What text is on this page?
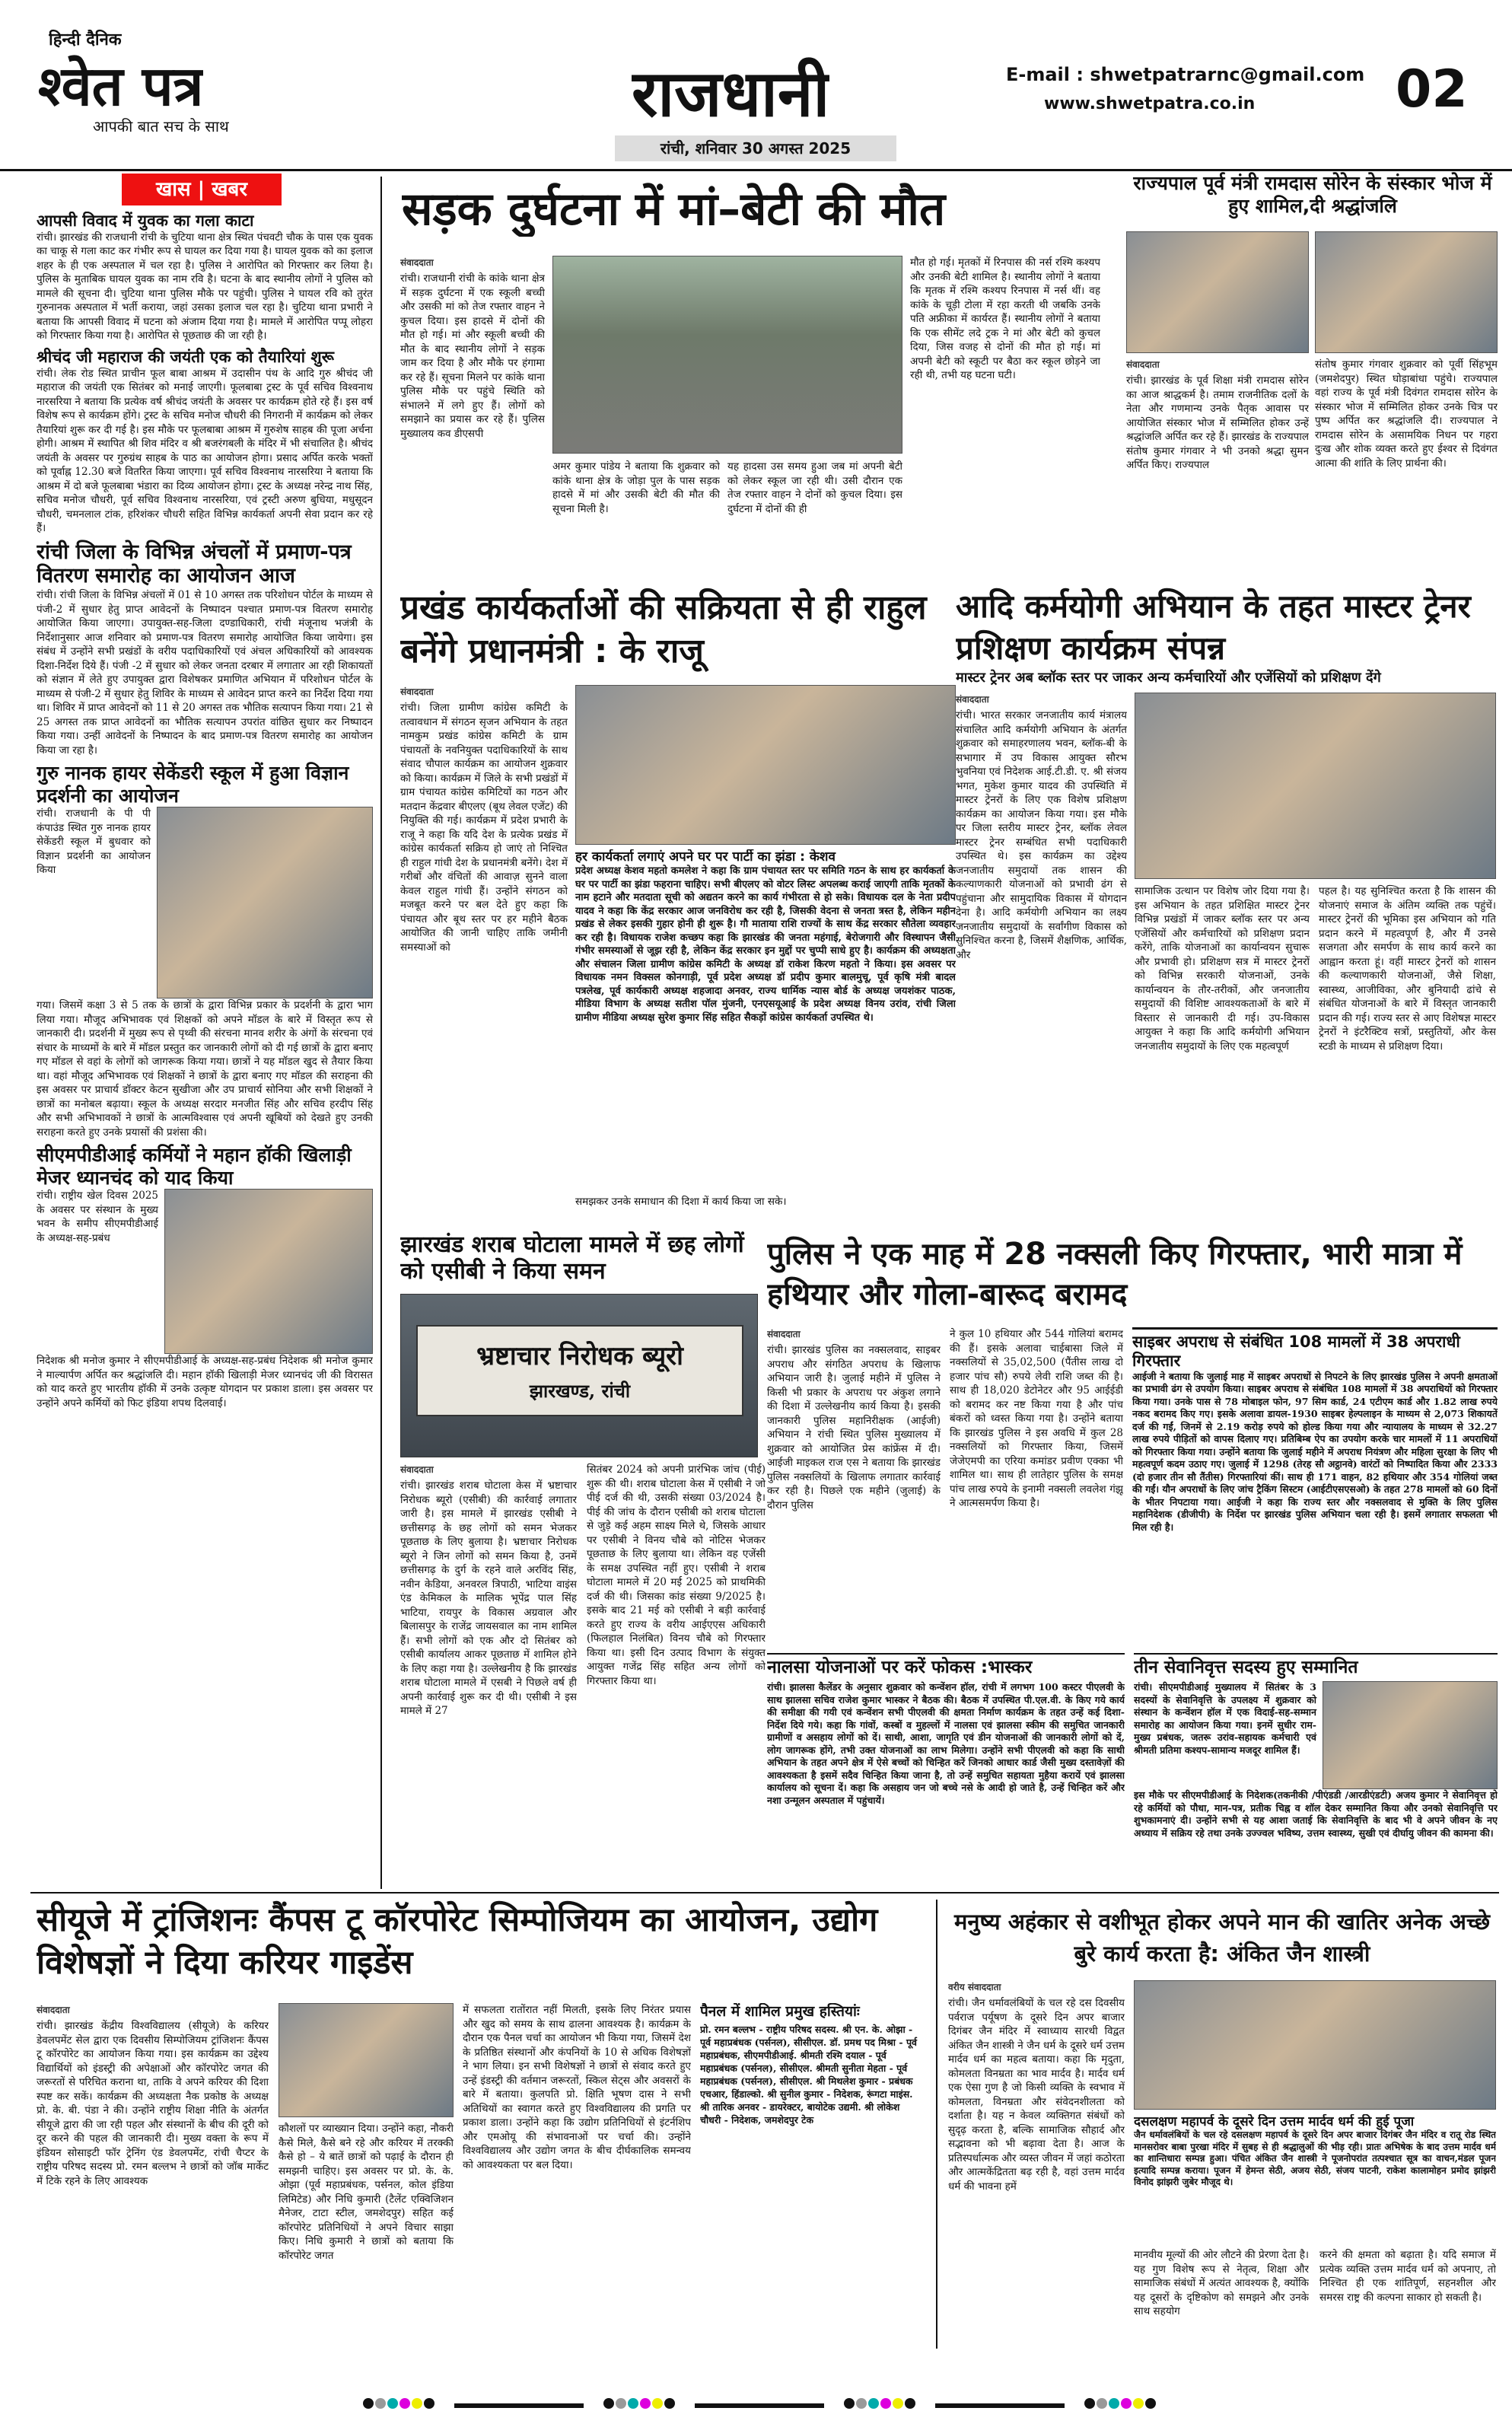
हिन्दी दैनिक
श्वेत पत्र
आपकी बात सच के साथ	राजधानी
रांची, शनिवार 30 अगस्त 2025
E-mail : shwetpatrarnc@gmail.com
www.shwetpatra.co.in	02
खास | खबर
आपसी विवाद में युवक का गला काटा

रांची। झारखंड की राजधानी रांची के चुटिया थाना क्षेत्र स्थित पंचवटी चौक के पास एक युवक का चाकू से गला काट कर गंभीर रूप से घायल कर दिया गया है। घायल युवक को का इलाज शहर के ही एक अस्पताल में चल रहा है। पुलिस ने आरोपित को गिरफ्तार कर लिया है। पुलिस के मुताबिक घायल युवक का नाम रवि है। घटना के बाद स्थानीय लोगों ने पुलिस को मामले की सूचना दी। चुटिया थाना पुलिस मौके पर पहुंची। पुलिस ने घायल रवि को तुरंत गुरुनानक अस्पताल में भर्ती कराया, जहां उसका इलाज चल रहा है। चुटिया थाना प्रभारी ने बताया कि आपसी विवाद में घटना को अंजाम दिया गया है। मामले में आरोपित पप्पू लोहरा को गिरफ्तार किया गया है। आरोपित से पूछताछ की जा रही है।

श्रीचंद जी महाराज की जयंती एक को तैयारियां शुरू

रांची। लेक रोड स्थित प्राचीन फूल बाबा आश्रम में उदासीन पंथ के आदि गुरु श्रीचंद जी महाराज की जयंती एक सितंबर को मनाई जाएगी। फूलबाबा ट्रस्ट के पूर्व सचिव विश्वनाथ नारसरिया ने बताया कि प्रत्येक वर्ष श्रीचंद जयंती के अवसर पर कार्यक्रम होते रहे हैं। इस वर्ष विशेष रूप से कार्यक्रम होंगे। ट्रस्ट के सचिव मनोज चौधरी की निगरानी में कार्यक्रम को लेकर तैयारियां शुरू कर दी गई है। इस मौके पर फूलबाबा आश्रम में गुरुशेष साहब की पूजा अर्चना होगी। आश्रम में स्थापित श्री शिव मंदिर व श्री बजरंगबली के मंदिर में भी संचालित है। श्रीचंद जयंती के अवसर पर गुरुग्रंथ साहब के पाठ का आयोजन होगा। प्रसाद अर्पित करके भक्तों को पूर्वाह्न 12.30 बजे वितरित किया जाएगा। पूर्व सचिव विश्वनाथ नारसरिया ने बताया कि आश्रम में दो बजे फूलबाबा भंडारा का दिव्य आयोजन होगा। ट्रस्ट के अध्यक्ष नरेन्द्र नाथ सिंह, सचिव मनोज चौधरी, पूर्व सचिव विश्वनाथ नारसरिया, एवं ट्रस्टी अरुण बुधिया, मधुसूदन चौधरी, चमनलाल टांक, हरिशंकर चौधरी सहित विभिन्न कार्यकर्ता अपनी सेवा प्रदान कर रहे हैं।

रांची जिला के विभिन्न अंचलों में प्रमाण-पत्र वितरण समारोह का आयोजन आज

रांची। रांची जिला के विभिन्न अंचलों में 01 से 10 अगस्त तक परिशोधन पोर्टल के माध्यम से पंजी-2 में सुधार हेतु प्राप्त आवेदनों के निष्पादन पश्चात प्रमाण-पत्र वितरण समारोह आयोजित किया जाएगा। उपायुक्त-सह-जिला दण्डाधिकारी, रांची मंजूनाथ भजंत्री के निर्देशानुसार आज शनिवार को प्रमाण-पत्र वितरण समारोह आयोजित किया जायेगा। इस संबंध में उन्होंने सभी प्रखंडों के वरीय पदाधिकारियों एवं अंचल अधिकारियों को आवश्यक दिशा-निर्देश दिये हैं। पंजी -2 में सुधार को लेकर जनता दरबार में लगातार आ रही शिकायतों को संज्ञान में लेते हुए उपायुक्त द्वारा विशेषकर प्रमाणित अभियान में परिशोधन पोर्टल के माध्यम से पंजी-2 में सुधार हेतु शिविर के माध्यम से आवेदन प्राप्त करने का निर्देश दिया गया था। शिविर में प्राप्त आवेदनों को 11 से 20 अगस्त तक भौतिक सत्यापन किया गया। 21 से 25 अगस्त तक प्राप्त आवेदनों का भौतिक सत्यापन उपरांत वांछित सुधार कर निष्पादन किया गया। उन्हीं आवेदनों के निष्पादन के बाद प्रमाण-पत्र वितरण समारोह का आयोजन किया जा रहा है।

गुरु नानक हायर सेकेंडरी स्कूल में हुआ विज्ञान प्रदर्शनी का आयोजन

रांची। राजधानी के पी पी कंपाउंड स्थित गुरु नानक हायर सेकेंडरी स्कूल में बुधवार को विज्ञान प्रदर्शनी का आयोजन किया

गया। जिसमें कक्षा 3 से 5 तक के छात्रों के द्वारा विभिन्न प्रकार के प्रदर्शनी के द्वारा भाग लिया गया। मौजूद अभिभावक एवं शिक्षकों को अपने मॉडल के बारे में विस्तृत रूप से जानकारी दी। प्रदर्शनी में मुख्य रूप से पृथ्वी की संरचना मानव शरीर के अंगों के संरचना एवं संचार के माध्यमों के बारे में मॉडल प्रस्तुत कर जानकारी लोगों को दी गई छात्रों के द्वारा बनाए गए मॉडल से वहां के लोगों को जागरूक किया गया। छात्रों ने यह मॉडल खुद से तैयार किया था। वहां मौजूद अभिभावक एवं शिक्षकों ने छात्रों के द्वारा बनाए गए मॉडल की सराहना की इस अवसर पर प्राचार्य डॉक्टर केटन सुखीजा और उप प्राचार्य सोनिया और सभी शिक्षकों ने छात्रों का मनोबल बढ़ाया। स्कूल के अध्यक्ष सरदार मनजीत सिंह और सचिव हरदीप सिंह और सभी अभिभावकों ने छात्रों के आत्मविश्वास एवं अपनी खूबियों को देखते हुए उनकी सराहना करते हुए उनके प्रयासों की प्रशंसा की।

सीएमपीडीआई कर्मियों ने महान हॉकी खिलाड़ी मेजर ध्यानचंद को याद किया

रांची। राष्ट्रीय खेल दिवस 2025 के अवसर पर संस्थान के मुख्य भवन के समीप सीएमपीडीआई के अध्यक्ष-सह-प्रबंध

निदेशक श्री मनोज कुमार ने सीएमपीडीआई के अध्यक्ष-सह-प्रबंध निदेशक श्री मनोज कुमार ने माल्यार्पण अर्पित कर श्रद्धांजलि दी। महान हॉकी खिलाड़ी मेजर ध्यानचंद जी की विरासत को याद करते हुए भारतीय हॉकी में उनके उत्कृष्ट योगदान पर प्रकाश डाला। इस अवसर पर उन्होंने अपने कर्मियों को फिट इंडिया शपथ दिलवाई।

सड़क दुर्घटना में मां–बेटी की मौत
संवाददाता

रांची। राजधानी रांची के कांके थाना क्षेत्र में सड़क दुर्घटना में एक स्कूली बच्ची और उसकी मां को तेज रफ्तार वाहन ने कुचल दिया। इस हादसे में दोनों की मौत हो गई। मां और स्कूली बच्ची की मौत के बाद स्थानीय लोगों ने सड़क जाम कर दिया है और मौके पर हंगामा कर रहे हैं। सूचना मिलने पर कांके थाना पुलिस मौके पर पहुंचे स्थिति को संभालने में लगे हुए हैं। लोगों को समझाने का प्रयास कर रहे हैं। पुलिस मुख्यालय कव डीएसपी

अमर कुमार पांडेय ने बताया कि शुक्रवार को कांके थाना क्षेत्र के जोड़ा पुल के पास सड़क हादसे में मां और उसकी बेटी की मौत की सूचना मिली है।

यह हादसा उस समय हुआ जब मां अपनी बेटी को लेकर स्कूल जा रही थी। उसी दौरान एक तेज रफ्तार वाहन ने दोनों को कुचल दिया। इस दुर्घटना में दोनों की ही

मौत हो गई। मृतकों में रिनपास की नर्स रश्मि कश्यप और उनकी बेटी शामिल है। स्थानीय लोगों ने बताया कि मृतक में रश्मि कश्यप रिनपास में नर्स थीं। वह कांके के चूड़ी टोला में रहा करती थी जबकि उनके पति अफ्रीका में कार्यरत हैं। स्थानीय लोगों ने बताया कि एक सीमेंट लदे ट्रक ने मां और बेटी को कुचल दिया, जिस वजह से दोनों की मौत हो गई। मां अपनी बेटी को स्कूटी पर बैठा कर स्कूल छोड़ने जा रही थी, तभी यह घटना घटी।

राज्यपाल पूर्व मंत्री रामदास सोरेन के संस्कार भोज में हुए शामिल,दी श्रद्धांजलि
संवाददाता

रांची। झारखंड के पूर्व शिक्षा मंत्री रामदास सोरेन का आज श्राद्धकर्म है। तमाम राजनीतिक दलों के नेता और गणमान्य उनके पैतृक आवास पर आयोजित संस्कार भोज में सम्मिलित होकर उन्हें श्रद्धांजलि अर्पित कर रहे हैं। झारखंड के राज्यपाल संतोष कुमार गंगवार ने भी उनको श्रद्धा सुमन अर्पित किए। राज्यपाल

संतोष कुमार गंगवार शुक्रवार को पूर्वी सिंहभूम (जमशेदपुर) स्थित घोड़ाबांधा पहुंचे। राज्यपाल वहां राज्य के पूर्व मंत्री दिवंगत रामदास सोरेन के संस्कार भोज में सम्मिलित होकर उनके चित्र पर पुष्प अर्पित कर श्रद्धांजलि दी। राज्यपाल ने रामदास सोरेन के असामयिक निधन पर गहरा दुःख और शोक व्यक्त करते हुए ईश्वर से दिवंगत आत्मा की शांति के लिए प्रार्थना की।

प्रखंड कार्यकर्ताओं की सक्रियता से ही राहुल बनेंगे प्रधानमंत्री : के राजू
संवाददाता

रांची। जिला ग्रामीण कांग्रेस कमिटी के तत्वावधान में संगठन सृजन अभियान के तहत नामकुम प्रखंड कांग्रेस कमिटी के ग्राम पंचायतों के नवनियुक्त पदाधिकारियों के साथ संवाद चौपाल कार्यक्रम का आयोजन शुक्रवार को किया। कार्यक्रम में जिले के सभी प्रखंडों में ग्राम पंचायत कांग्रेस कमिटियों का गठन और मतदान केंद्रवार बीएलए (बूथ लेवल एजेंट) की नियुक्ति की गई। कार्यक्रम में प्रदेश प्रभारी के राजू ने कहा कि यदि देश के प्रत्येक प्रखंड में कांग्रेस कार्यकर्ता सक्रिय हो जाएं तो निश्चित ही राहुल गांधी देश के प्रधानमंत्री बनेंगे। देश में गरीबों और वंचितों की आवाज़ सुनने वाला केवल राहुल गांधी हैं। उन्होंने संगठन को मजबूत करने पर बल देते हुए कहा कि पंचायत और बूथ स्तर पर हर महीने बैठक आयोजित की जानी चाहिए ताकि जमीनी समस्याओं को

हर कार्यकर्ता लगाएं अपने घर पर पार्टी का झंडा : केशव

प्रदेश अध्यक्ष केशव महतो कमलेश ने कहा कि ग्राम पंचायत स्तर पर समिति गठन के साथ हर कार्यकर्ता के घर पर पार्टी का झंडा फहराना चाहिए। सभी बीएलए को वोटर लिस्ट अपलब्ध कराई जाएगी ताकि मृतकों के नाम हटाने और मतदाता सूची को अद्यतन करने का कार्य गंभीरता से हो सके। विधायक दल के नेता प्रदीप यादव ने कहा कि केंद्र सरकार आज जनविरोध कर रही है, जिसकी वेदना से जनता त्रस्त है, लेकिन महीन प्रखंड से लेकर इसकी गुहार होनी ही शुरू है। गौ माताया राशि राज्यों के साथ केंद्र सरकार सौतेला व्यवहार कर रही है। विधायक राजेश कच्छप कहा कि झारखंड की जनता महंगाई, बेरोजगारी और विस्थापन जैसी गंभीर समस्याओं से जूझ रही है, लेकिन केंद्र सरकार इन मुद्दों पर चुप्पी साधे हुए है। कार्यक्रम की अध्यक्षता और संचालन जिला ग्रामीण कांग्रेस कमिटी के अध्यक्ष डॉ राकेश किरण महतो ने किया। इस अवसर पर विधायक नमन विक्सल कोनगाड़ी, पूर्व प्रदेश अध्यक्ष डॉ प्रदीप कुमार बालमुचू, पूर्व कृषि मंत्री बादल पत्रलेख, पूर्व कार्यकारी अध्यक्ष शहजादा अनवर, राज्य धार्मिक न्यास बोर्ड के अध्यक्ष जयशंकर पाठक, मीडिया विभाग के अध्यक्ष सतीश पॉल मुंजनी, एनएसयूआई के प्रदेश अध्यक्ष विनय उरांव, रांची जिला ग्रामीण मीडिया अध्यक्ष सुरेश कुमार सिंह सहित सैकड़ों कांग्रेस कार्यकर्ता उपस्थित थे।

समझकर उनके समाधान की दिशा में कार्य किया जा सके।

आदि कर्मयोगी अभियान के तहत मास्टर ट्रेनर प्रशिक्षण कार्यक्रम संपन्न
मास्टर ट्रेनर अब ब्लॉक स्तर पर जाकर अन्य कर्मचारियों और एजेंसियों को प्रशिक्षण देंगे
संवाददाता

रांची। भारत सरकार जनजातीय कार्य मंत्रालय संचालित आदि कर्मयोगी अभियान के अंतर्गत शुक्रवार को समाहरणालय भवन, ब्लॉक-बी के सभागार में उप विकास आयुक्त सौरभ भुवनिया एवं निदेशक आई.टी.डी. ए. श्री संजय भगत, मुकेश कुमार यादव की उपस्थिति में मास्टर ट्रेनरों के लिए एक विशेष प्रशिक्षण कार्यक्रम का आयोजन किया गया। इस मौके पर जिला स्तरीय मास्टर ट्रेनर, ब्लॉक लेवल मास्टर ट्रेनर सम्बंधित सभी पदाधिकारी उपस्थित थे। इस कार्यक्रम का उद्देश्य जनजातीय समुदायों तक शासन की कल्याणकारी योजनाओं को प्रभावी ढंग से पहुंचाना और सामुदायिक विकास में योगदान देना है। आदि कर्मयोगी अभियान का लक्ष्य जनजातीय समुदायों के सर्वांगीण विकास को सुनिश्चित करना है, जिसमें शैक्षणिक, आर्थिक, और

सामाजिक उत्थान पर विशेष जोर दिया गया है। इस अभियान के तहत प्रशिक्षित मास्टर ट्रेनर विभिन्न प्रखंडों में जाकर ब्लॉक स्तर पर अन्य एजेंसियों और कर्मचारियों को प्रशिक्षण प्रदान करेंगे, ताकि योजनाओं का कार्यान्वयन सुचारू और प्रभावी हो। प्रशिक्षण सत्र में मास्टर ट्रेनरों को विभिन्न सरकारी योजनाओं, उनके कार्यान्वयन के तौर-तरीकों, और जनजातीय समुदायों की विशिष्ट आवश्यकताओं के बारे में विस्तार से जानकारी दी गई। उप-विकास आयुक्त ने कहा कि आदि कर्मयोगी अभियान जनजातीय समुदायों के लिए एक महत्वपूर्ण

पहल है। यह सुनिश्चित करता है कि शासन की योजनाएं समाज के अंतिम व्यक्ति तक पहुंचें। मास्टर ट्रेनरों की भूमिका इस अभियान को गति प्रदान करने में महत्वपूर्ण है, और मैं उनसे सजगता और समर्पण के साथ कार्य करने का आह्वान करता हूं। वहीं मास्टर ट्रेनरों को शासन की कल्याणकारी योजनाओं, जैसे शिक्षा, स्वास्थ्य, आजीविका, और बुनियादी ढांचे से संबंधित योजनाओं के बारे में विस्तृत जानकारी प्रदान की गई। राज्य स्तर से आए विशेषज्ञ मास्टर ट्रेनरों ने इंटरैक्टिव सत्रों, प्रस्तुतियों, और केस स्टडी के माध्यम से प्रशिक्षण दिया।

झारखंड शराब घोटाला मामले में छह लोगों को एसीबी ने किया समन
भ्रष्टाचार निरोधक ब्यूरो
झारखण्ड, रांची
संवाददाता

रांची। झारखंड शराब घोटाला केस में भ्रष्टाचार निरोधक ब्यूरो (एसीबी) की कार्रवाई लगातार जारी है। इस मामले में झारखंड एसीबी ने छत्तीसगढ़ के छह लोगों को समन भेजकर पूछताछ के लिए बुलाया है। भ्रष्टाचार निरोधक ब्यूरो ने जिन लोगों को समन किया है, उनमें छत्तीसगढ़ के दुर्ग के रहने वाले अरविंद सिंह, नवीन केडिया, अनवरल त्रिपाठी, भाटिया वाइंस एंड केमिकल के मालिक भूपेंद्र पाल सिंह भाटिया, रायपुर के विकास अग्रवाल और बिलासपुर के राजेंद्र जायसवाल का नाम शामिल हैं। सभी लोगों को एक और दो सितंबर को एसीबी कार्यालय आकर पूछताछ में शामिल होने के लिए कहा गया है। उल्लेखनीय है कि झारखंड शराब घोटाला मामले में एसबी ने पिछले वर्ष ही अपनी कार्रवाई शुरू कर दी थी। एसीबी ने इस मामले में 27

सितंबर 2024 को अपनी प्रारंभिक जांच (पीई) शुरू की थी। शराब घोटाला केस में एसीबी ने जो पीई दर्ज की थी, उसकी संख्या 03/2024 है। पीई की जांच के दौरान एसीबी को शराब घोटाला से जुड़े कई अहम साक्ष्य मिले थे, जिसके आधार पर एसीबी ने विनय चौबे को नोटिस भेजकर पूछताछ के लिए बुलाया था। लेकिन वह एजेंसी के समक्ष उपस्थित नहीं हुए। एसीबी ने शराब घोटाला मामले में 20 मई 2025 को प्राथमिकी दर्ज की थी। जिसका कांड संख्या 9/2025 है। इसके बाद 21 मई को एसीबी ने बड़ी कार्रवाई करते हुए राज्य के वरीय आईएएस अधिकारी (फिलहाल निलंबित) विनय चौबे को गिरफ्तार किया था। इसी दिन उत्पाद विभाग के संयुक्त आयुक्त गजेंद्र सिंह सहित अन्य लोगों को गिरफ्तार किया था।

पुलिस ने एक माह में 28 नक्सली किए गिरफ्तार, भारी मात्रा में हथियार और गोला-बारूद बरामद
संवाददाता

रांची। झारखंड पुलिस का नक्सलवाद, साइबर अपराध और संगठित अपराध के खिलाफ अभियान जारी है। जुलाई महीने में पुलिस ने किसी भी प्रकार के अपराध पर अंकुश लगाने की दिशा में उल्लेखनीय कार्य किया है। इसकी जानकारी पुलिस महानिरीक्षक (आईजी) अभियान ने रांची स्थित पुलिस मुख्यालय में शुक्रवार को आयोजित प्रेस कांफ्रेंस में दी। आईजी माइकल राज एस ने बताया कि झारखंड पुलिस नक्सलियों के खिलाफ लगातार कार्रवाई कर रही है। पिछले एक महीने (जुलाई) के दौरान पुलिस

ने कुल 10 हथियार और 544 गोलियां बरामद की हैं। इसके अलावा चाईबासा जिले में नक्सलियों से 35,02,500 (पैंतीस लाख दो हजार पांच सौ) रुपये लेवी राशि जब्त की है। साथ ही 18,020 डेटोनेटर और 95 आईईडी को बरामद कर नष्ट किया गया है और पांच बंकरों को ध्वस्त किया गया है। उन्होंने बताया कि झारखंड पुलिस ने इस अवधि में कुल 28 नक्सलियों को गिरफ्तार किया, जिसमें जेजेएमपी का एरिया कमांडर प्रवीण एक्का भी शामिल था। साथ ही लातेहार पुलिस के समक्ष पांच लाख रुपये के इनामी नक्सली लवलेश गंझू ने आत्मसमर्पण किया है।

साइबर अपराध से संबंधित 108 मामलों में 38 अपराधी गिरफ्तार

आईजी ने बताया कि जुलाई माह में साइबर अपराधों से निपटने के लिए झारखंड पुलिस ने अपनी क्षमताओं का प्रभावी ढंग से उपयोग किया। साइबर अपराध से संबंधित 108 मामलों में 38 अपराधियों को गिरफ्तार किया गया। उनके पास से 78 मोबाइल फोन, 97 सिम कार्ड, 24 एटीएम कार्ड और 1.82 लाख रुपये नकद बरामद किए गए। इसके अलावा डायल-1930 साइबर हेल्पलाइन के माध्यम से 2,073 शिकायतें दर्ज की गईं, जिनमें से 2.19 करोड़ रुपये को होल्ड किया गया और न्यायालय के माध्यम से 32.27 लाख रुपये पीड़ितों को वापस दिलाए गए। प्रतिबिम्ब ऐप का उपयोग करके चार मामलों में 11 अपराधियों को गिरफ्तार किया गया। उन्होंने बताया कि जुलाई महीने में अपराध नियंत्रण और महिला सुरक्षा के लिए भी महत्वपूर्ण कदम उठाए गए। जुलाई में 1298 (तेरह सौ अट्ठानवे) वारंटों को निष्पादित किया और 2333 (दो हजार तीन सौ तैंतीस) गिरफ्तारियां कीं। साथ ही 171 वाहन, 82 हथियार और 354 गोलियां जब्त की गईं। यौन अपराधों के लिए जांच ट्रैकिंग सिस्टम (आईटीएसएसओ) के तहत 278 मामलों को 60 दिनों के भीतर निपटाया गया। आईजी ने कहा कि राज्य स्तर और नक्सलवाद से मुक्ति के लिए पुलिस महानिदेशक (डीजीपी) के निर्देश पर झारखंड पुलिस अभियान चला रही है। इसमें लगातार सफलता भी मिल रही है।

नालसा योजनाओं पर करें फोकस :भास्कर

रांची। झालसा कैलेंडर के अनुसार शुक्रवार को कन्वेंशन हॉल, रांची में लगभग 100 कस्टर पीएलवी के साथ झालसा सचिव राजेश कुमार भास्कर ने बैठक की। बैठक में उपस्थित पी.एल.वी. के किए गये कार्य की समीक्षा की गयी एवं कन्वेंशन सभी पीएलवी की क्षमता निर्माण कार्यक्रम के तहत उन्हें कई दिशा-निर्देश दिये गये। कहा कि गांवों, कस्बों व मुहल्लों में नालसा एवं झालसा स्कीम की समुचित जानकारी ग्रामीणों व असहाय लोगों को दें। साथी, आशा, जागृति एवं डीन योजनाओं की जानकारी लोगों को दें, लोग जागरूक होंगे, तभी उक्त योजनाओं का लाभ मिलेगा। उन्होंने सभी पीएलवी को कहा कि साथी अभियान के तहत अपने क्षेत्र में ऐसे बच्चों को चिन्हित करें जिनको आधार कार्ड जैसी मुख्य दस्तावेज़ों की आवश्यकता है इसमें सदैव चिन्हित किया जाना है, तो उन्हें समुचित सहायता मुहैया करायें एवं झालसा कार्यालय को सूचना दें। कहा कि असहाय जन जो बच्चे नसे के आदी हो जाते है, उन्हें चिन्हित करें और नशा उन्मूलन अस्पताल में पहुंचायें।

तीन सेवानिवृत्त सदस्य हुए सम्मानित

रांची। सीएमपीडीआई मुख्यालय में सितंबर के 3 सदस्यों के सेवानिवृत्ति के उपलक्ष्य में शुक्रवार को संस्थान के कन्वेंशन हॉल में एक विदाई-सह-सम्मान समारोह का आयोजन किया गया। इनमें सुधीर राम-मुख्य प्रबंधक, जतरू उरांव-सहायक कर्मचारी एवं श्रीमती प्रतिमा कश्यप-सामान्य मजदूर शामिल हैं।

इस मौके पर सीएमपीडीआई के निदेशक(तकनीकी /पीएंडडी /आरडीएंडटी) अजय कुमार ने सेवानिवृत्त हो रहे कर्मियों को पौधा, मान-पत्र, प्रतीक चिह्न व शॉल देकर सम्मानित किया और उनको सेवानिवृत्ति पर शुभकामनाएं दी। उन्होंने सभी से यह आशा जताई कि सेवानिवृत्ति के बाद भी वे अपने जीवन के नए अध्याय में सक्रिय रहे तथा उनके उज्ज्वल भविष्य, उत्तम स्वास्थ्य, सुखी एवं दीर्घायु जीवन की कामना की।

सीयूजे में ट्रांजिशनः कैंपस टू कॉरपोरेट सिम्पोजियम का आयोजन, उद्योग विशेषज्ञों ने दिया करियर गाइडेंस
संवाददाता

रांची। झारखंड केंद्रीय विश्वविद्यालय (सीयूजे) के करियर डेवलपमेंट सेल द्वारा एक दिवसीय सिम्पोजियम ट्रांजिशनः कैंपस टू कॉरपोरेट का आयोजन किया गया। इस कार्यक्रम का उद्देश्य विद्यार्थियों को इंडस्ट्री की अपेक्षाओं और कॉरपोरेट जगत की जरूरतों से परिचित कराना था, ताकि वे अपने करियर की दिशा स्पष्ट कर सकें। कार्यक्रम की अध्यक्षता नैक प्रकोष्ठ के अध्यक्ष प्रो. के. बी. पंडा ने की। उन्होंने राष्ट्रीय शिक्षा नीति के अंतर्गत सीयूजे द्वारा की जा रही पहल और संस्थानों के बीच की दूरी को दूर करने की पहल की जानकारी दी। मुख्य वक्ता के रूप में इंडियन सोसाइटी फॉर ट्रेनिंग एंड डेवलपमेंट, रांची चैप्टर के राष्ट्रीय परिषद सदस्य प्रो. रमन बल्लभ ने छात्रों को जॉब मार्केट में टिके रहने के लिए आवश्यक

कौशलों पर व्याख्यान दिया। उन्होंने कहा, नौकरी कैसे मिले, कैसे बने रहे और करियर में तरक्की कैसे हो – ये बातें छात्रों को पढ़ाई के दौरान ही समझनी चाहिए। इस अवसर पर प्रो. के. के. ओझा (पूर्व महाप्रबंधक, पर्सनल, कोल इंडिया लिमिटेड) और निधि कुमारी (टैलेंट एक्विजिशन मैनेजर, टाटा स्टील, जमशेदपुर) सहित कई कॉरपोरेट प्रतिनिधियों ने अपने विचार साझा किए। निधि कुमारी ने छात्रों को बताया कि कॉरपोरेट जगत

में सफलता रातोंरात नहीं मिलती, इसके लिए निरंतर प्रयास और खुद को समय के साथ ढालना आवश्यक है। कार्यक्रम के दौरान एक पैनल चर्चा का आयोजन भी किया गया, जिसमें देश के प्रतिष्ठित संस्थानों और कंपनियों के 10 से अधिक विशेषज्ञों ने भाग लिया। इन सभी विशेषज्ञों ने छात्रों से संवाद करते हुए उन्हें इंडस्ट्री की वर्तमान जरूरतों, स्किल सेट्स और अवसरों के बारे में बताया। कुलपति प्रो. क्षिति भूषण दास ने सभी अतिथियों का स्वागत करते हुए विश्वविद्यालय की प्रगति पर प्रकाश डाला। उन्होंने कहा कि उद्योग प्रतिनिधियों से इंटर्नशिप और एमओयू की संभावनाओं पर चर्चा की। उन्होंने विश्वविद्यालय और उद्योग जगत के बीच दीर्घकालिक समन्वय को आवश्यकता पर बल दिया।

पैनल में शामिल प्रमुख हस्तियांः

प्रो. रमन बल्लभ - राष्ट्रीय परिषद सदस्य. श्री एन. के. ओझा - पूर्व महाप्रबंधक (पर्सनल), सीसीएल. डॉ. प्रमथ पद मिश्रा - पूर्व महाप्रबंधक, सीएमपीडीआई. श्रीमती रश्मि दयाल - पूर्व महाप्रबंधक (पर्सनल), सीसीएल. श्रीमती सुनीता मेहता - पूर्व महाप्रबंधक (पर्सनल), सीसीएल. श्री मिथलेश कुमार - प्रबंधक एचआर, हिंडाल्को. श्री सुनील कुमार - निदेशक, रूंगटा माइंस. श्री तारिक अनवर - डायरेक्टर, बायोटेक उद्यमी. श्री लोकेश चौधरी - निदेशक, जमशेदपुर टेक

मनुष्य अहंकार से वशीभूत होकर अपने मान की खातिर अनेक अच्छे बुरे कार्य करता है: अंकित जैन शास्त्री
वरीय संवाददाता

रांची। जैन धर्मावलंबियों के चल रहे दस दिवसीय पर्वराज पर्यूषण के दूसरे दिन अपर बाजार दिगंबर जैन मंदिर में स्वाध्याय सारथी विद्वत अंकित जैन शास्त्री ने जैन धर्म के दूसरे धर्म उत्तम मार्दव धर्म का महत्व बताया। कहा कि मृदुता, कोमलता विनम्रता का भाव मार्दव है। मार्दव धर्म एक ऐसा गुण है जो किसी व्यक्ति के स्वभाव में कोमलता, विनम्रता और संवेदनशीलता को दर्शाता है। यह न केवल व्यक्तिगत संबंधों को सुदृढ़ करता है, बल्कि सामाजिक सौहार्द और सद्भावना को भी बढ़ावा देता है। आज के प्रतिस्पर्धात्मक और व्यस्त जीवन में जहां कठोरता और आत्मकेंद्रितता बढ़ रही है, वहां उत्तम मार्दव धर्म की भावना हमें

दसलक्षण महापर्व के दूसरे दिन उत्तम मार्दव धर्म की हुई पूजा

जैन धर्मावलंबियों के चल रहे दसलक्षण महापर्व के दूसरे दिन अपर बाजार दिगंबर जैन मंदिर व रातू रोड स्थित मानसरोवर बाबा पुरखा मंदिर में सुबह से ही श्रद्धालुओं की भीड़ रही। प्रातः अभिषेक के बाद उत्तम मार्दव धर्म का शान्तिधारा सम्पन्न हुआ। पंचित अंकित जैन शास्त्री ने पूजनोपरांत तत्पश्चात सूत्र का वाचन,मंडल पूजन इत्यादि सम्पन्न कराया। पूजन में हेमन्त सेठी, अजय सेठी, संजय पाटनी, राकेश कालामोहन प्रमोद झांझरी विनोद झांझरी जुबेर मौजूद थे।

मानवीय मूल्यों की ओर लौटने की प्रेरणा देता है। यह गुण विशेष रूप से नेतृत्व, शिक्षा और सामाजिक संबंधों में अत्यंत आवश्यक है, क्योंकि यह दूसरों के दृष्टिकोण को समझने और उनके साथ सहयोग

करने की क्षमता को बढ़ाता है। यदि समाज में प्रत्येक व्यक्ति उत्तम मार्दव धर्म को अपनाए, तो निश्चित ही एक शांतिपूर्ण, सहनशील और समरस राष्ट्र की कल्पना साकार हो सकती है।
